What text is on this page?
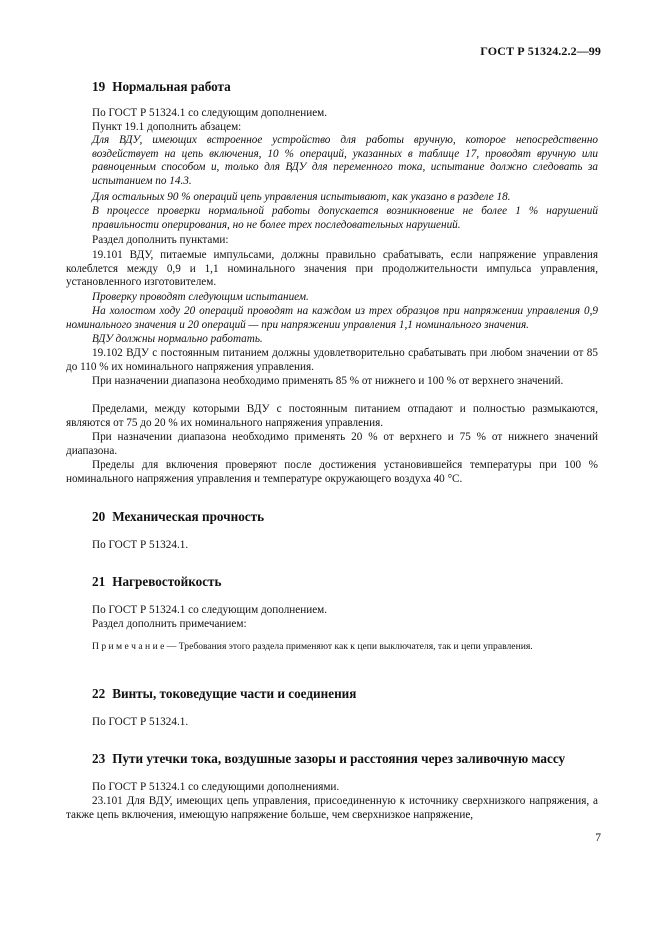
ГОСТ Р 51324.2.2—99
19 Нормальная работа

По ГОСТ Р 51324.1 со следующим дополнением.

Пункт 19.1 дополнить абзацем:

Для ВДУ, имеющих встроенное устройство для работы вручную, которое непосредственно воздействует на цепь включения, 10 % операций, указанных в таблице 17, проводят вручную или равноценным способом и, только для ВДУ для переменного тока, испытание должно следовать за испытанием по 14.3.

Для остальных 90 % операций цепь управления испытывают, как указано в разделе 18.

В процессе проверки нормальной работы допускается возникновение не более 1 % нарушений правильности оперирования, но не более трех последовательных нарушений.

Раздел дополнить пунктами:

19.101 ВДУ, питаемые импульсами, должны правильно срабатывать, если напряжение управления колеблется между 0,9 и 1,1 номинального значения при продолжительности импульса управления, установленного изготовителем.

Проверку проводят следующим испытанием.

На холостом ходу 20 операций проводят на каждом из трех образцов при напряжении управления 0,9 номинального значения и 20 операций — при напряжении управления 1,1 номинального значения.

ВДУ должны нормально работать.

19.102 ВДУ с постоянным питанием должны удовлетворительно срабатывать при любом значении от 85 до 110 % их номинального напряжения управления.

При назначении диапазона необходимо применять 85 % от нижнего и 100 % от верхнего значений.

Пределами, между которыми ВДУ с постоянным питанием отпадают и полностью размыкаются, являются от 75 до 20 % их номинального напряжения управления.

При назначении диапазона необходимо применять 20 % от верхнего и 75 % от нижнего значений диапазона.

Пределы для включения проверяют после достижения установившейся температуры при 100 % номинального напряжения управления и температуре окружающего воздуха 40 °С.

20 Механическая прочность

По ГОСТ Р 51324.1.

21 Нагревостойкость

По ГОСТ Р 51324.1 со следующим дополнением.

Раздел дополнить примечанием:

П р и м е ч а н и е — Требования этого раздела применяют как к цепи выключателя, так и цепи управления.

22 Винты, токоведущие части и соединения

По ГОСТ Р 51324.1.

23 Пути утечки тока, воздушные зазоры и расстояния через заливочную массу

По ГОСТ Р 51324.1 со следующими дополнениями.

23.101 Для ВДУ, имеющих цепь управления, присоединенную к источнику сверхнизкого напряжения, а также цепь включения, имеющую напряжение больше, чем сверхнизкое напряжение,

7
